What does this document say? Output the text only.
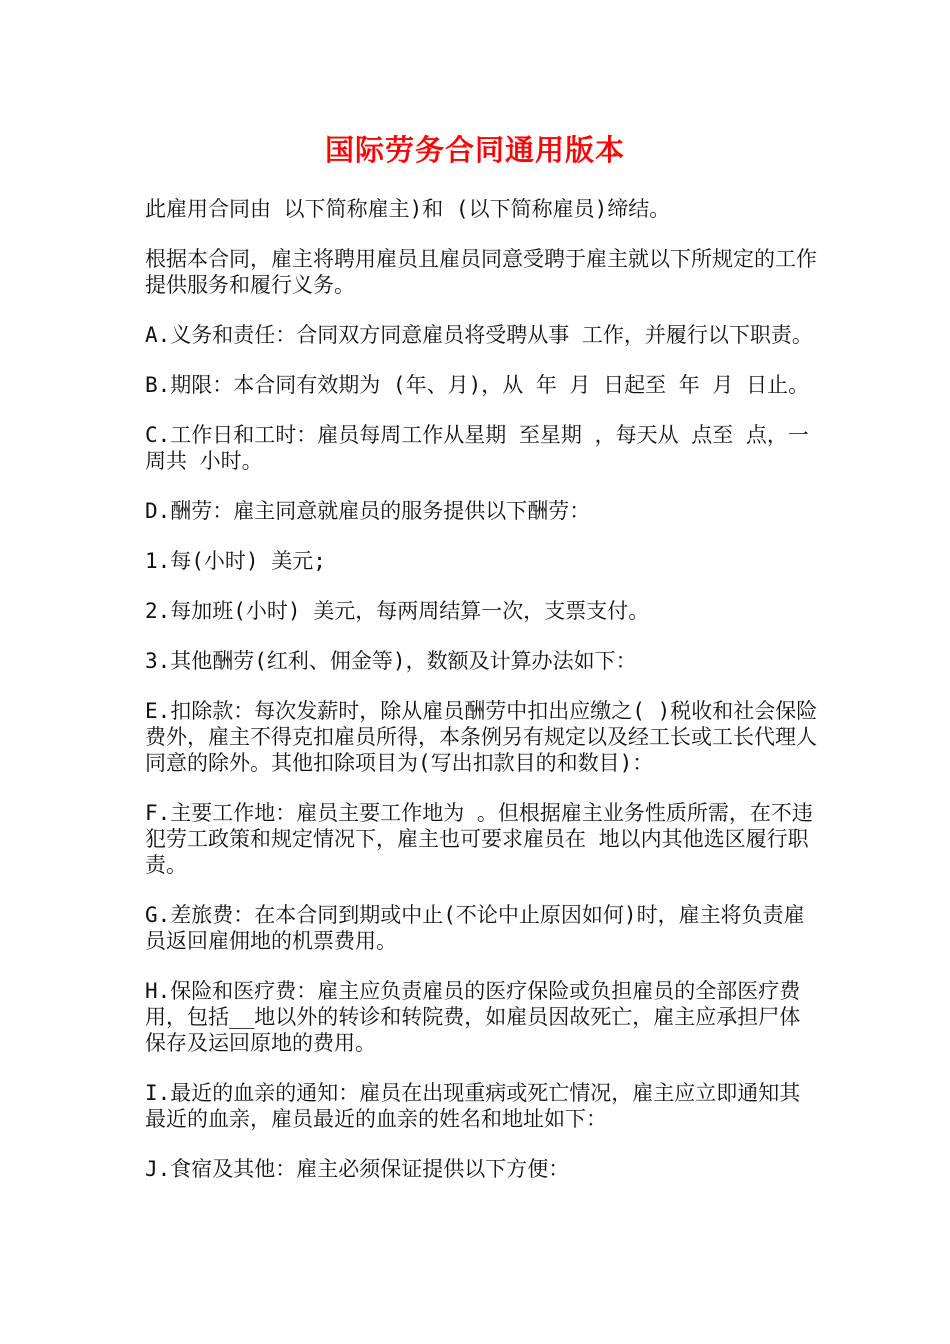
国际劳务合同通用版本

此雇用合同由 以下简称雇主)和 (以下简称雇员)缔结。

根据本合同，雇主将聘用雇员且雇员同意受聘于雇主就以下所规定的工作提供服务和履行义务。

A.义务和责任：合同双方同意雇员将受聘从事 工作，并履行以下职责。

B.期限：本合同有效期为 (年、月)，从 年 月 日起至 年 月 日止。

C.工作日和工时：雇员每周工作从星期 至星期 ，每天从 点至 点，一周共 小时。

D.酬劳：雇主同意就雇员的服务提供以下酬劳：

1.每(小时) 美元;

2.每加班(小时) 美元，每两周结算一次，支票支付。

3.其他酬劳(红利、佣金等)，数额及计算办法如下：

E.扣除款：每次发薪时，除从雇员酬劳中扣出应缴之( )税收和社会保险费外，雇主不得克扣雇员所得，本条例另有规定以及经工长或工长代理人同意的除外。其他扣除项目为(写出扣款目的和数目)：

F.主要工作地：雇员主要工作地为 。但根据雇主业务性质所需，在不违犯劳工政策和规定情况下，雇主也可要求雇员在 地以内其他选区履行职责。

G.差旅费：在本合同到期或中止(不论中止原因如何)时，雇主将负责雇员返回雇佣地的机票费用。

H.保险和医疗费：雇主应负责雇员的医疗保险或负担雇员的全部医疗费用，包括__地以外的转诊和转院费，如雇员因故死亡，雇主应承担尸体保存及运回原地的费用。

I.最近的血亲的通知：雇员在出现重病或死亡情况，雇主应立即通知其最近的血亲，雇员最近的血亲的姓名和地址如下：

J.食宿及其他：雇主必须保证提供以下方便：
